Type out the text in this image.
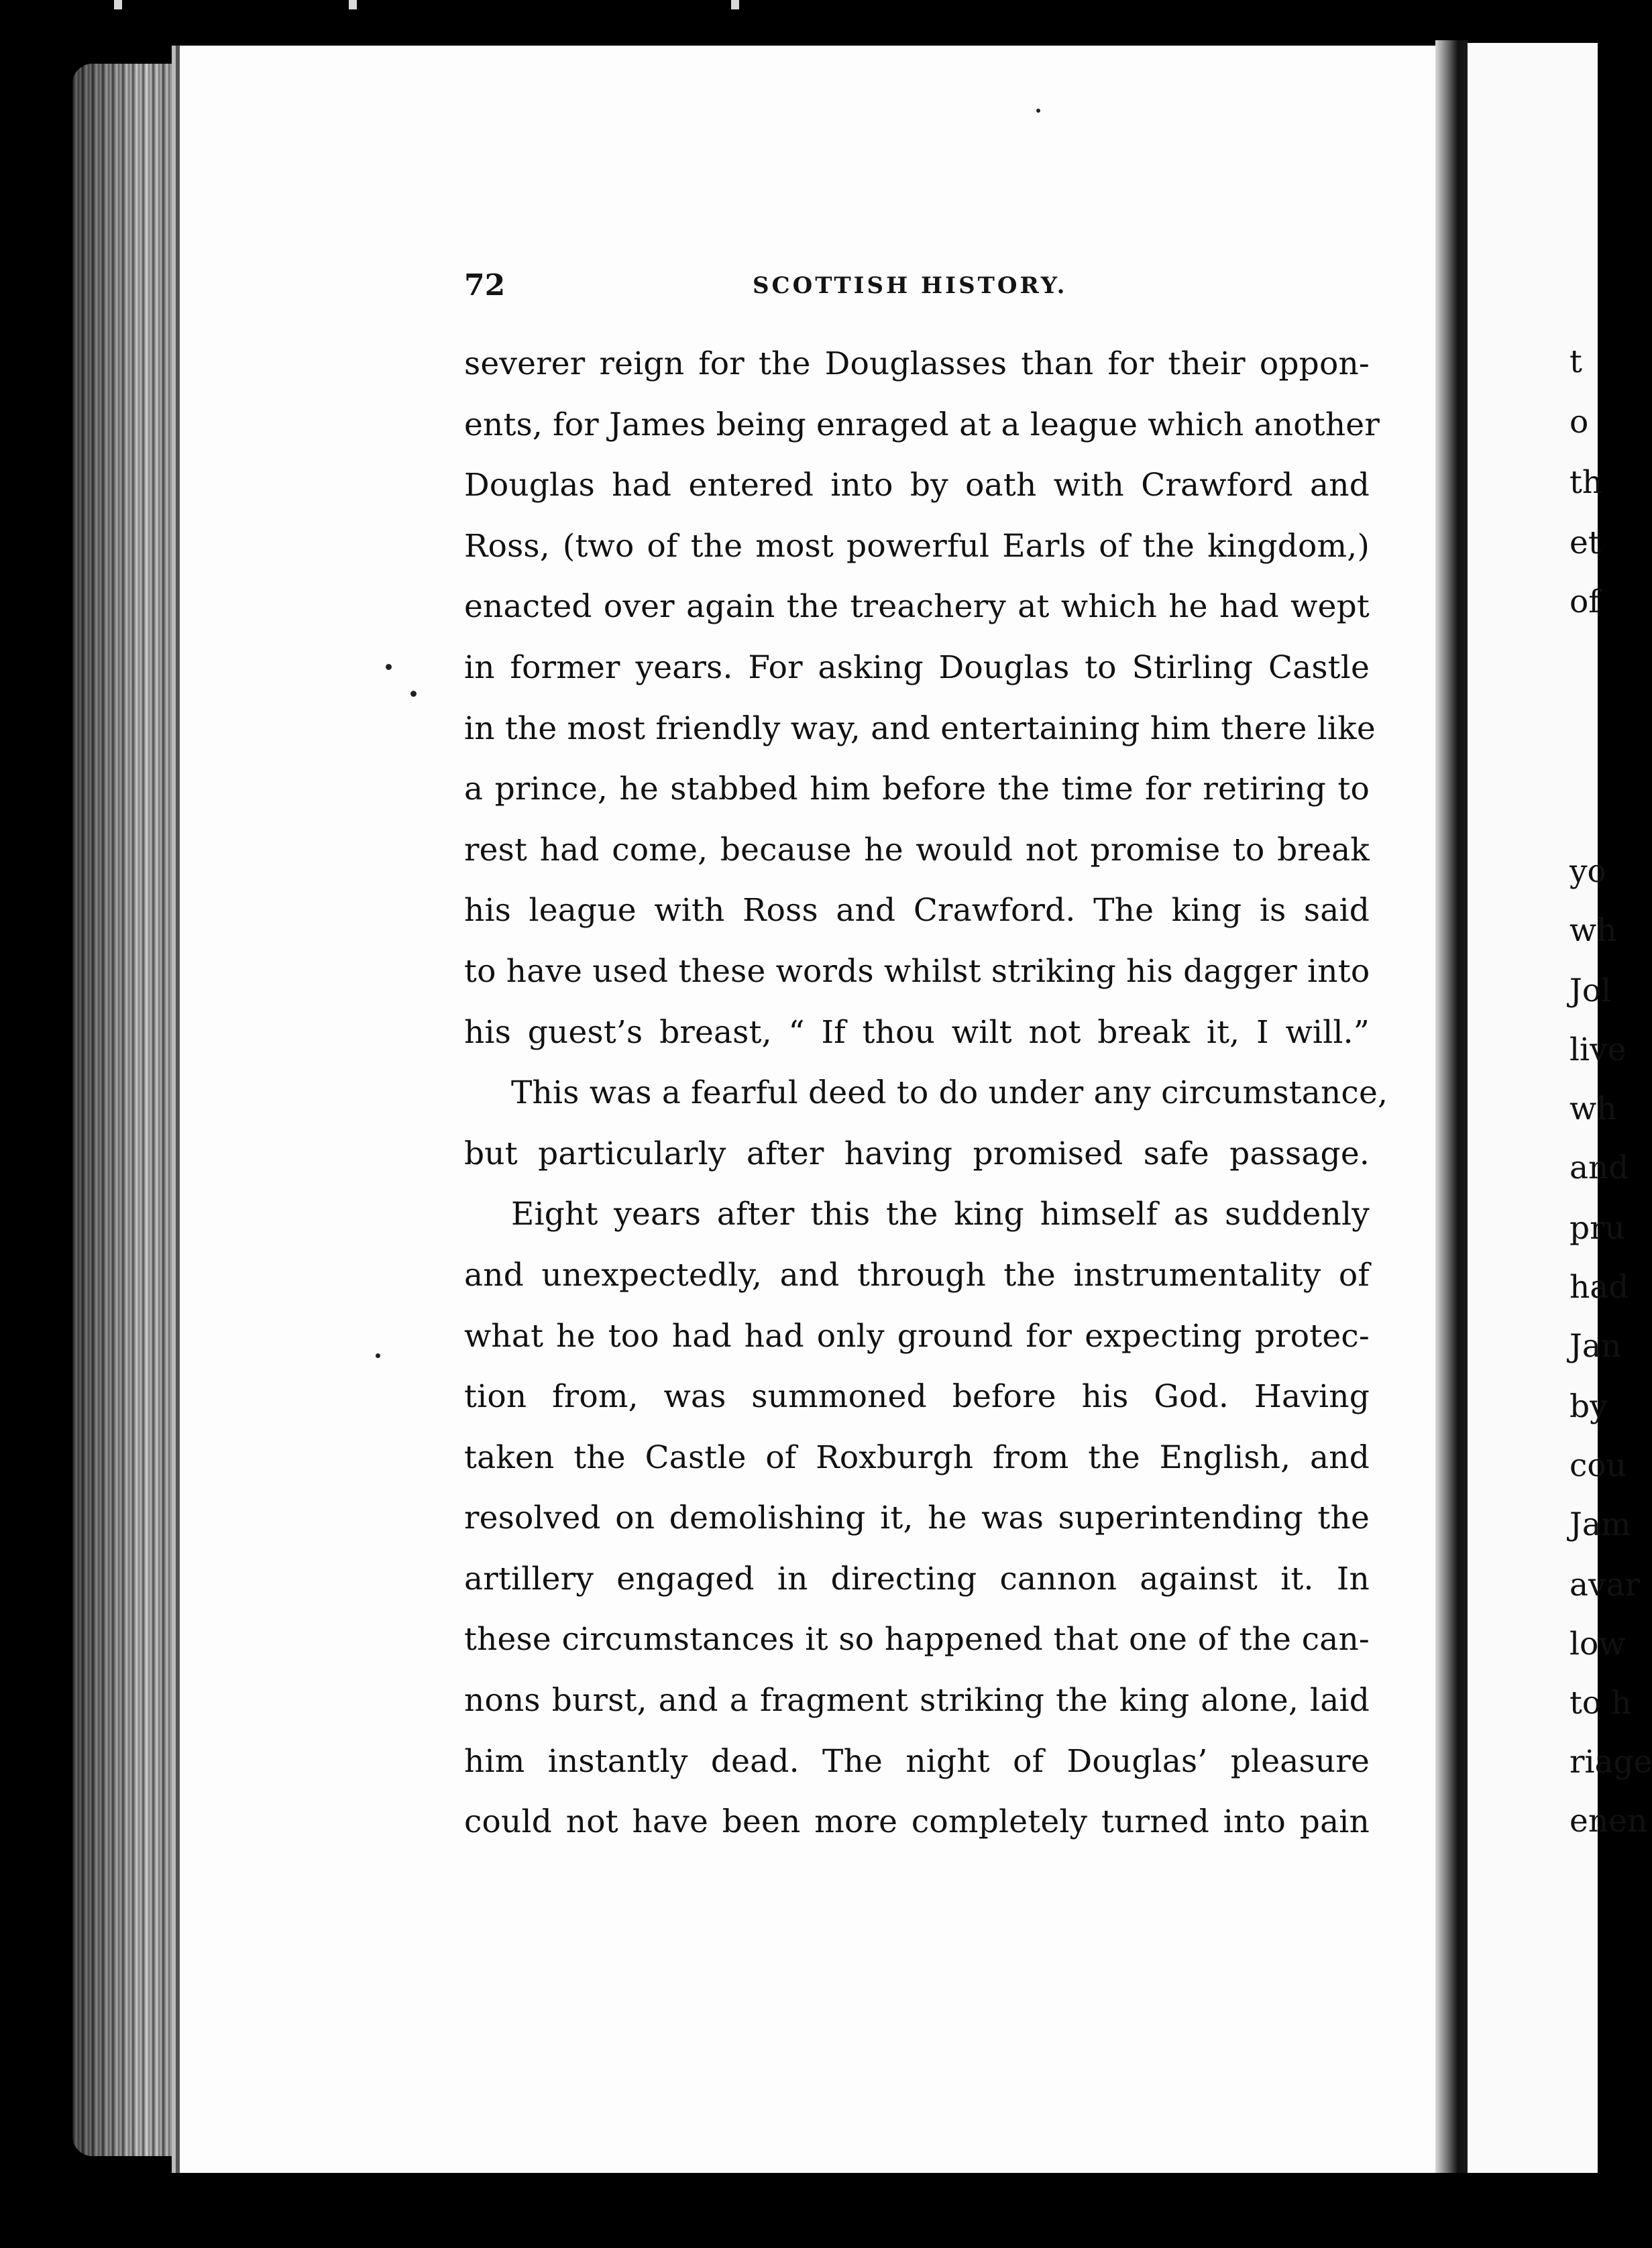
72	SCOTTISH HISTORY.
severer reign for the Douglasses than for their oppon-
ents, for James being enraged at a league which another
Douglas had entered into by oath with Crawford and
Ross, (two of the most powerful Earls of the kingdom,)
enacted over again the treachery at which he had wept
in former years. For asking Douglas to Stirling Castle
in the most friendly way, and entertaining him there like
a prince, he stabbed him before the time for retiring to
rest had come, because he would not promise to break
his league with Ross and Crawford. The king is said
to have used these words whilst striking his dagger into
his guest’s breast, “ If thou wilt not break it, I will.”
This was a fearful deed to do under any circumstance,
but particularly after having promised safe passage.
Eight years after this the king himself as suddenly
and unexpectedly, and through the instrumentality of
what he too had had only ground for expecting protec-
tion from, was summoned before his God. Having
taken the Castle of Roxburgh from the English, and
resolved on demolishing it, he was superintending the
artillery engaged in directing cannon against it. In
these circumstances it so happened that one of the can-
nons burst, and a fragment striking the king alone, laid
him instantly dead. The night of Douglas’ pleasure
could not have been more completely turned into pain
t
o
th
et
of
yo
wh
Jol
live
wh
and
pru
had
Jan
by
cou
Jam
avar
low
to h
riage
enen
